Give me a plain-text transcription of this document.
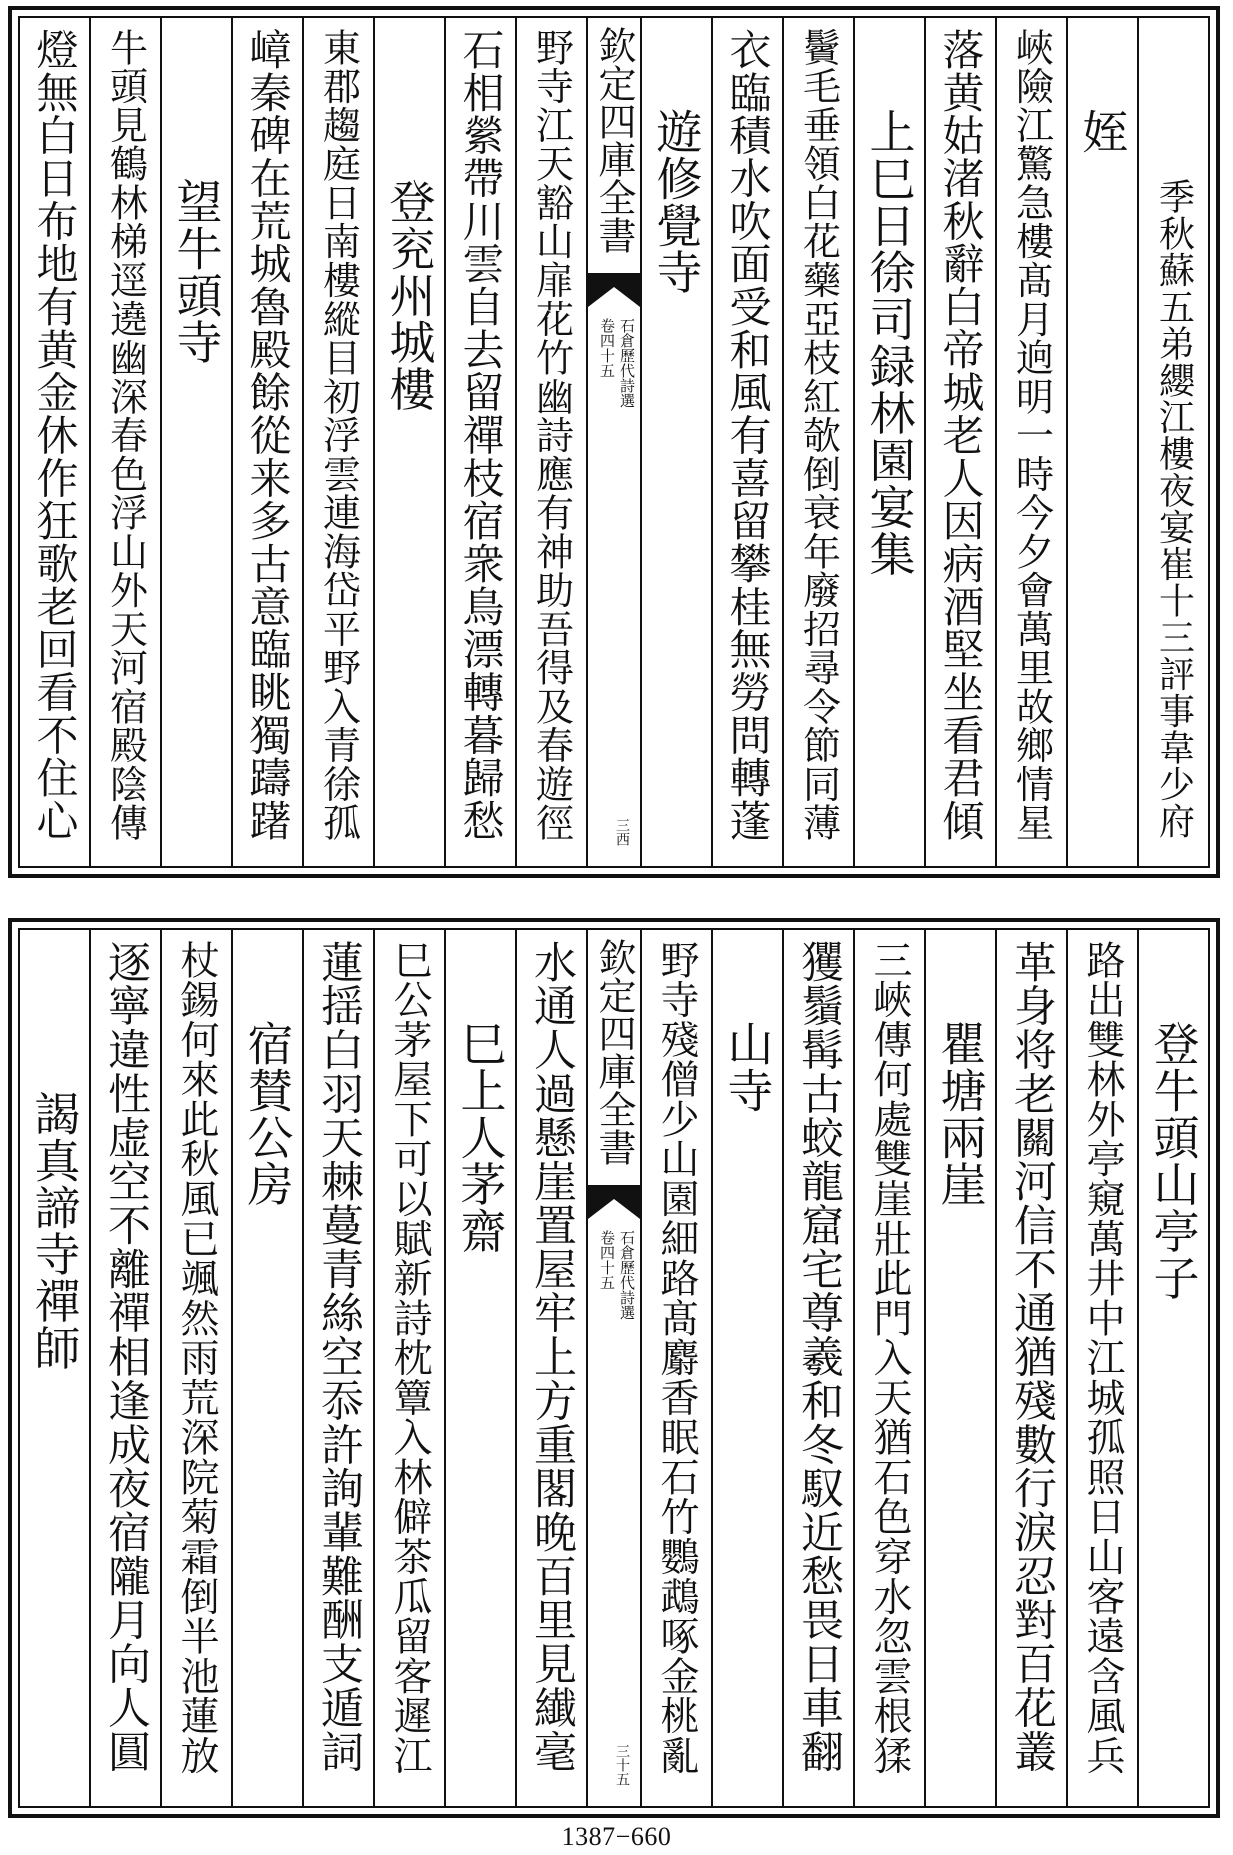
季秋蘇五弟纓江樓夜宴崔十三評事韋少府
姪
峽險江驚急樓髙月逈明一時今夕會萬里故鄉情星
落黄姑渚秋辭白帝城老人因病酒堅坐看君傾
上巳日徐司録林園宴集
鬢毛垂領白花藥亞枝紅欹倒衰年廢招尋令節同薄
衣臨積水吹面受和風有喜留攀桂無勞問轉蓬
遊修覺寺
欽定四庫全書
石倉歷代詩選
卷四十五
三西
野寺江天豁山扉花竹幽詩應有神助吾得及春遊徑
石相縈帶川雲自去留禪枝宿衆鳥漂轉暮歸愁
登兖州城樓
東郡趨庭日南樓縱目初浮雲連海岱平野入青徐孤
嶂秦碑在荒城魯殿餘從来多古意臨眺獨躊躇
望牛頭寺
牛頭見鶴林梯逕遶幽深春色浮山外天河宿殿陰傳
燈無白日布地有黄金休作狂歌老回看不住心
登牛頭山亭子
路出雙林外亭窺萬井中江城孤照日山客遠含風兵
革身将老關河信不通猶殘數行淚忍對百花叢
瞿塘兩崖
三峽傳何處雙崖壯此門入天猶石色穿水忽雲根猱
玃鬚髯古蛟龍窟宅尊羲和冬馭近愁畏日車翻
山寺
野寺殘僧少山園細路髙麝香眠石竹鸚鵡啄金桃亂
欽定四庫全書
石倉歷代詩選
卷四十五
三十五
水通人過懸崖置屋牢上方重閣晚百里見纎毫
巳上人茅齋
巳公茅屋下可以賦新詩枕簟入林僻茶瓜留客遲江
蓮揺白羽天棘蔓青絲空忝許詢輩難酬支遁詞
宿賛公房
杖錫何來此秋風已颯然雨荒深院菊霜倒半池蓮放
逐寧違性虚空不離禪相逢成夜宿隴月向人圓
謁真諦寺禪師
1387−660
